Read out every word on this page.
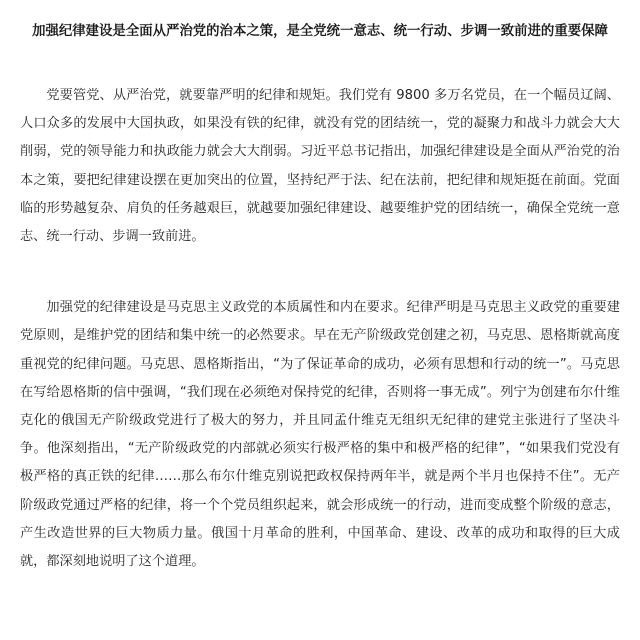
加强纪律建设是全面从严治党的治本之策，是全党统一意志、统一行动、步调一致前进的重要保障

党要管党、从严治党，就要靠严明的纪律和规矩。我们党有 9800 多万名党员，在一个幅员辽阔、人口众多的发展中大国执政，如果没有铁的纪律，就没有党的团结统一，党的凝聚力和战斗力就会大大削弱，党的领导能力和执政能力就会大大削弱。习近平总书记指出，加强纪律建设是全面从严治党的治本之策，要把纪律建设摆在更加突出的位置，坚持纪严于法、纪在法前，把纪律和规矩挺在前面。党面临的形势越复杂、肩负的任务越艰巨，就越要加强纪律建设、越要维护党的团结统一，确保全党统一意志、统一行动、步调一致前进。

加强党的纪律建设是马克思主义政党的本质属性和内在要求。纪律严明是马克思主义政党的重要建党原则，是维护党的团结和集中统一的必然要求。早在无产阶级政党创建之初，马克思、恩格斯就高度重视党的纪律问题。马克思、恩格斯指出，“为了保证革命的成功，必须有思想和行动的统一”。马克思在写给恩格斯的信中强调，“我们现在必须绝对保持党的纪律，否则将一事无成”。列宁为创建布尔什维克化的俄国无产阶级政党进行了极大的努力，并且同孟什维克无组织无纪律的建党主张进行了坚决斗争。他深刻指出，“无产阶级政党的内部就必须实行极严格的集中和极严格的纪律”，“如果我们党没有极严格的真正铁的纪律……那么布尔什维克别说把政权保持两年半，就是两个半月也保持不住”。无产阶级政党通过严格的纪律，将一个个党员组织起来，就会形成统一的行动，进而变成整个阶级的意志，产生改造世界的巨大物质力量。俄国十月革命的胜利，中国革命、建设、改革的成功和取得的巨大成就，都深刻地说明了这个道理。
